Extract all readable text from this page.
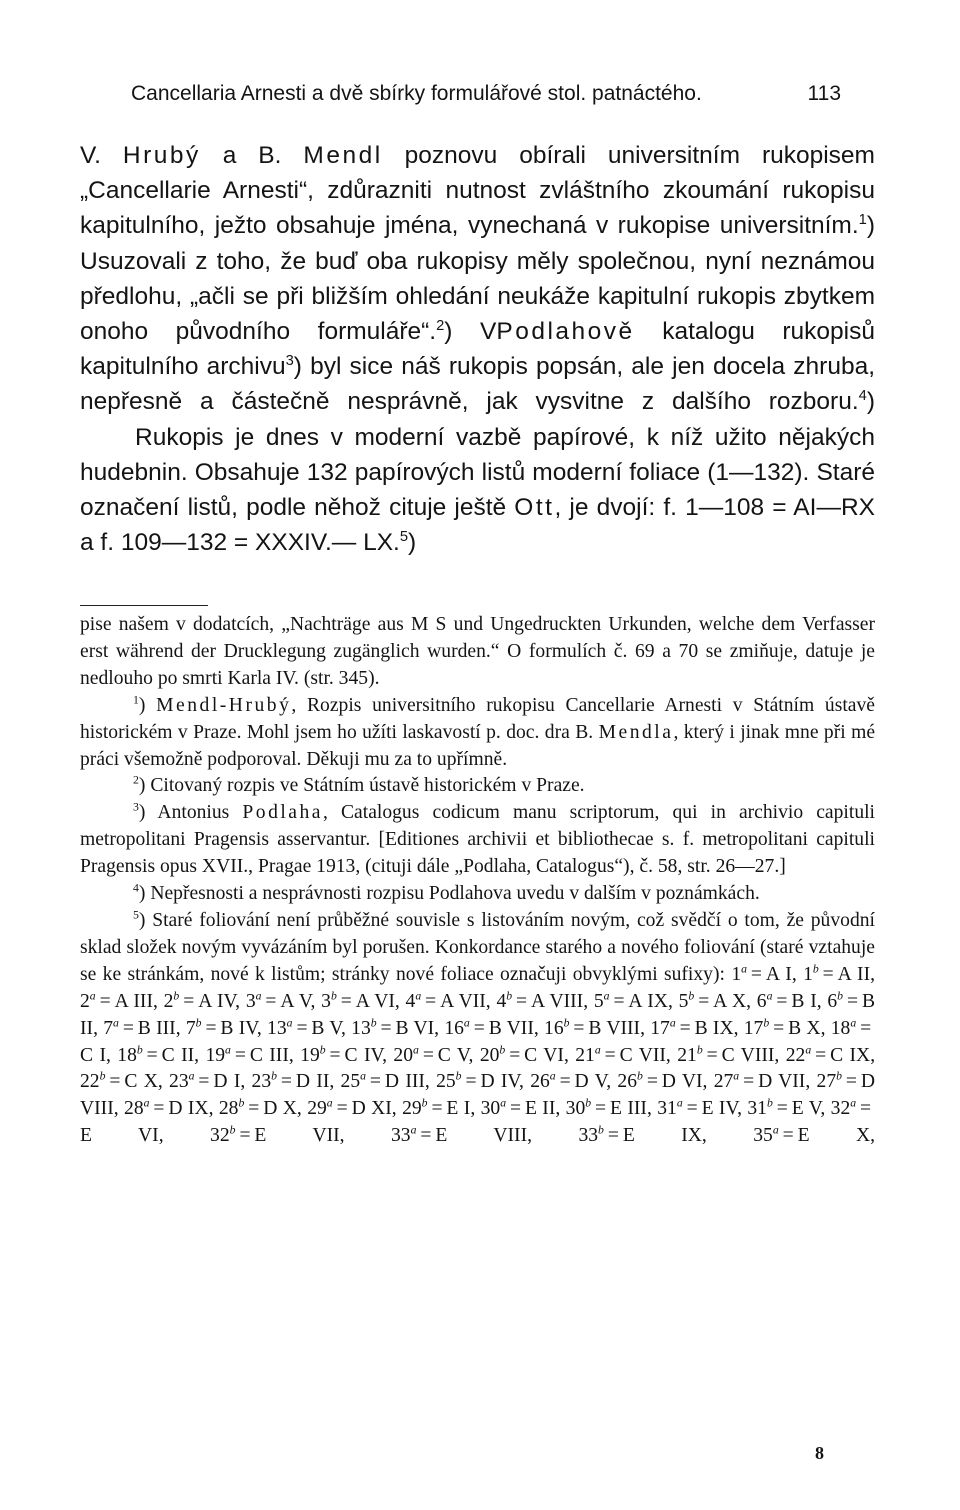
Cancellaria Arnesti a dvě sbírky formulářové stol. patnáctého.	113

V. Hrubý a B. Mendl poznovu obírali universitním rukopisem „Cancellarie Arnesti“, zdůrazniti nutnost zvláštního zkoumání rukopisu kapitulního, ježto obsahuje jména, vynechaná v rukopise universitním.$^1$) Usuzovali z toho, že buď oba rukopisy měly společnou, nyní neznámou předlohu, „ačli se při bližším ohledání neukáže kapitulní rukopis zbytkem onoho původního formuláře“.$^2$) VPodlahově katalogu rukopisů kapitulního archivu$^3$) byl sice náš rukopis popsán, ale jen docela zhruba, nepřesně a částečně nesprávně, jak vysvitne z dalšího rozboru.$^4$)

Rukopis je dnes v moderní vazbě papírové, k níž užito nějakých hudebnin. Obsahuje 132 papírových listů moderní foliace (1—132). Staré označení listů, podle něhož cituje ještě Ott, je dvojí: f. 1—108 = AI—RX a f. 109—132 = XXXIV.— LX.$^5$)

pise našem v dodatcích, „Nachträge aus M S und Ungedruckten Urkunden, welche dem Verfasser erst während der Drucklegung zugänglich wurden.“ O formulích č. 69 a 70 se zmiňuje, datuje je nedlouho po smrti Karla IV. (str. 345).

$^1$) Mendl-Hrubý, Rozpis universitního rukopisu Cancellarie Arnesti v Státním ústavě historickém v Praze. Mohl jsem ho užíti laskavostí p. doc. dra B. Mendla, který i jinak mne při mé práci všemožně podporoval. Děkuji mu za to upřímně.

$^2$) Citovaný rozpis ve Státním ústavě historickém v Praze.

$^3$) Antonius Podlaha, Catalogus codicum manu scriptorum, qui in archivio capituli metropolitani Pragensis asservantur. [Editiones archivii et bibliothecae s. f. metropolitani capituli Pragensis opus XVII., Pragae 1913, (cituji dále „Podlaha, Catalogus“), č. 58, str. 26—27.]

$^4$) Nepřesnosti a nesprávnosti rozpisu Podlahova uvedu v dalším v poznámkách.

$^5$) Staré foliování není průběžné souvisle s listováním novým, což svědčí o tom, že původní sklad složek novým vyvázáním byl porušen. Konkordance starého a nového foliování (staré vztahuje se ke stránkám, nové k listům; stránky nové foliace označuji obvyklými sufixy): $1^a = A$ I, $1^b = A$ II, $2^a = A$ III, $2^b = A$ IV, $3^a = A$ V, $3^b = A$ VI, $4^a = A$ VII, $4^b = A$ VIII, $5^a = A$ IX, $5^b = A$ X, $6^a = B$ I, $6^b = B$ II, $7^a = B$ III, $7^b = B$ IV, $13^a = B$ V, $13^b = B$ VI, $16^a = B$ VII, $16^b = B$ VIII, $17^a = B$ IX, $17^b = B$ X, $18^a = C$ I, $18^b = C$ II, $19^a = C$ III, $19^b = C$ IV, $20^a = C$ V, $20^b = C$ VI, $21^a = C$ VII, $21^b = C$ VIII, $22^a = C$ IX, $22^b = C$ X, $23^a = D$ I, $23^b = D$ II, $25^a = D$ III, $25^b = D$ IV, $26^a = D$ V, $26^b = D$ VI, $27^a = D$ VII, $27^b = D$ VIII, $28^a = D$ IX, $28^b = D$ X, $29^a = D$ XI, $29^b = E$ I, $30^a = E$ II, $30^b = E$ III, $31^a = E$ IV, $31^b = E$ V, $32^a = E$ VI, $32^b = E$ VII, $33^a = E$ VIII, $33^b = E$ IX, $35^a = E$ X,

8
